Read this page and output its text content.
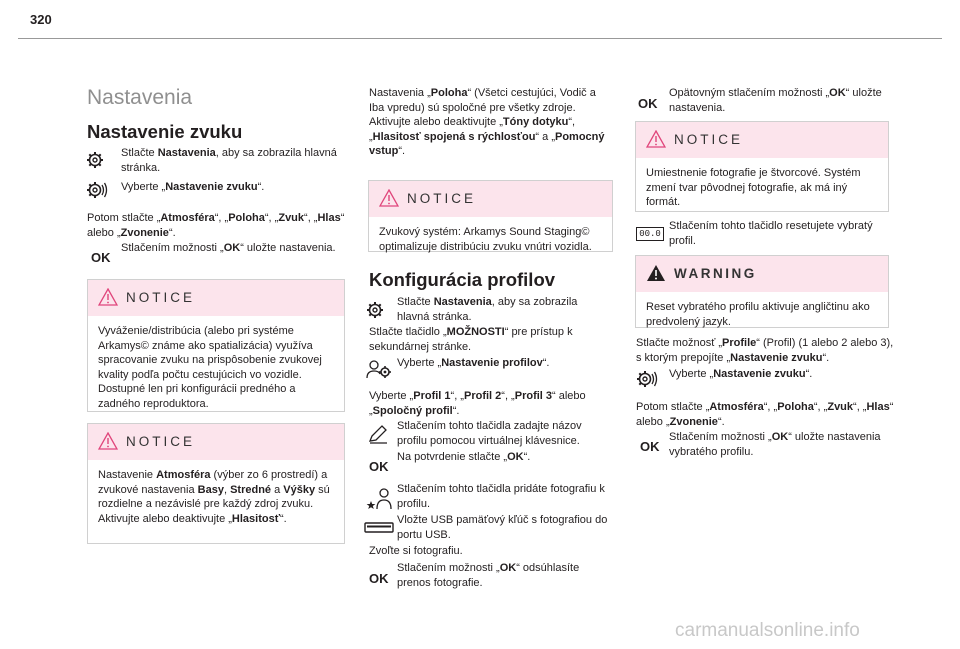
320
Nastavenia
Nastavenie zvuku
Stlačte Nastavenia, aby sa zobrazila hlavná stránka.
Vyberte „Nastavenie zvuku“.
Potom stlačte „Atmosféra“, „Poloha“, „Zvuk“, „Hlas“ alebo „Zvonenie“.
OK
Stlačením možnosti „OK“ uložte nastavenia.
NOTICE
Vyváženie/distribúcia (alebo pri systéme Arkamys© známe ako spatializácia) využíva spracovanie zvuku na prispôsobenie zvukovej kvality podľa počtu cestujúcich vo vozidle. Dostupné len pri konfigurácii predného a zadného reproduktora.
NOTICE
Nastavenie Atmosféra (výber zo 6 prostredí) a zvukové nastavenia Basy, Stredné a Výšky sú rozdielne a nezávislé pre každý zdroj zvuku.
Aktivujte alebo deaktivujte „Hlasitosť“.
Nastavenia „Poloha“ (Všetci cestujúci, Vodič a Iba vpredu) sú spoločné pre všetky zdroje.
Aktivujte alebo deaktivujte „Tóny dotyku“, „Hlasitosť spojená s rýchlosťou“ a „Pomocný vstup“.
NOTICE
Zvukový systém: Arkamys Sound Staging© optimalizuje distribúciu zvuku vnútri vozidla.
Konfigurácia profilov
Stlačte Nastavenia, aby sa zobrazila hlavná stránka.
Stlačte tlačidlo „MOŽNOSTI“ pre prístup k sekundárnej stránke.
Vyberte „Nastavenie profilov“.
Vyberte „Profil 1“, „Profil 2“, „Profil 3“ alebo „Spoločný profil“.
Stlačením tohto tlačidla zadajte názov profilu pomocou virtuálnej klávesnice.
OK
Na potvrdenie stlačte „OK“.
Stlačením tohto tlačidla pridáte fotografiu k profilu.
Vložte USB pamäťový kľúč s fotografiou do portu USB.
Zvoľte si fotografiu.
OK
Stlačením možnosti „OK“ odsúhlasíte prenos fotografie.
OK
Opätovným stlačením možnosti „OK“ uložte nastavenia.
NOTICE
Umiestnenie fotografie je štvorcové. Systém zmení tvar pôvodnej fotografie, ak má iný formát.
00.0
Stlačením tohto tlačidlo resetujete vybratý profil.
WARNING
Reset vybratého profilu aktivuje angličtinu ako predvolený jazyk.
Stlačte možnosť „Profile“ (Profil) (1 alebo 2 alebo 3), s ktorým prepojíte „Nastavenie zvuku“.
Vyberte „Nastavenie zvuku“.
Potom stlačte „Atmosféra“, „Poloha“, „Zvuk“, „Hlas“ alebo „Zvonenie“.
OK
Stlačením možnosti „OK“ uložte nastavenia vybratého profilu.
carmanualsonline.info
